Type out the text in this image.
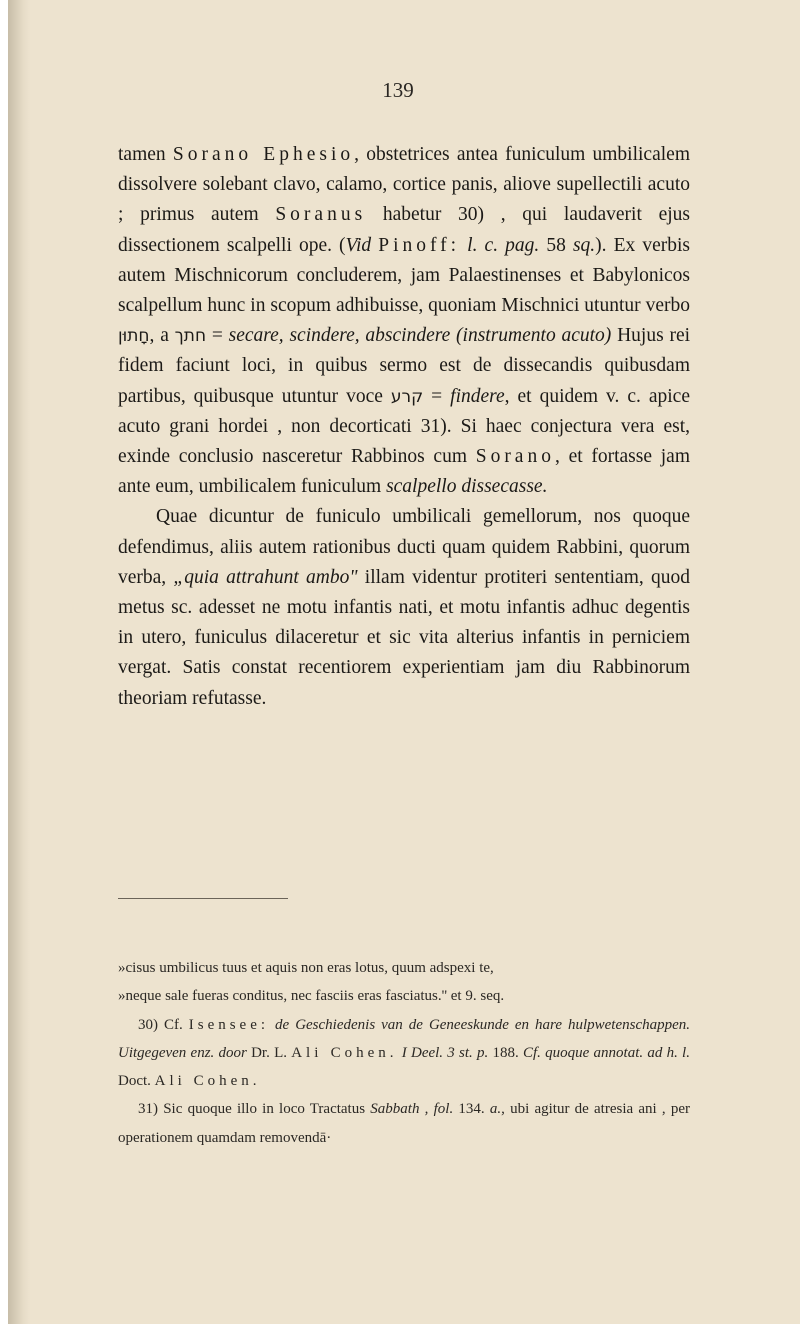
139

tamen Sorano Ephesio, obstetrices antea funiculum umbilicalem dissolvere solebant clavo, calamo, cortice panis, aliove supellectili acuto ; primus autem Soranus habetur 30) , qui laudaverit ejus dissectionem scalpelli ope. (Vid Pinoff: l. c. pag. 58 sq.). Ex verbis autem Mischnicorum concluderem, jam Palaestinenses et Babylonicos scalpellum hunc in scopum adhibuisse, quoniam Mischnici utuntur verbo חָתוּן, a חתך = secare, scindere, abscindere (instrumento acuto) Hujus rei fidem faciunt loci, in quibus sermo est de dissecandis quibusdam partibus, quibusque utuntur voce קרע = findere, et quidem v. c. apice acuto grani hordei , non decorticati 31). Si haec conjectura vera est, exinde conclusio nasceretur Rabbinos cum Sorano, et fortasse jam ante eum, umbilicalem funiculum scalpello dissecasse.

Quae dicuntur de funiculo umbilicali gemellorum, nos quoque defendimus, aliis autem rationibus ducti quam quidem Rabbini, quorum verba, „quia attrahunt ambo" illam videntur protiteri sententiam, quod metus sc. adesset ne motu infantis nati, et motu infantis adhuc degentis in utero, funiculus dilaceretur et sic vita alterius infantis in perniciem vergat. Satis constat recentiorem experientiam jam diu Rabbinorum theoriam refutasse.

»cisus umbilicus tuus et aquis non eras lotus, quum adspexi te,

»neque sale fueras conditus, nec fasciis eras fasciatus.'' et 9. seq.

30) Cf. Isensee: de Geschiedenis van de Geneeskunde en hare hulpwetenschappen. Uitgegeven enz. door Dr. L. Ali Cohen. I Deel. 3 st. p. 188. Cf. quoque annotat. ad h. l. Doct. Ali Cohen.

31) Sic quoque illo in loco Tractatus Sabbath , fol. 134. a., ubi agitur de atresia ani , per operationem quamdam removendā·
